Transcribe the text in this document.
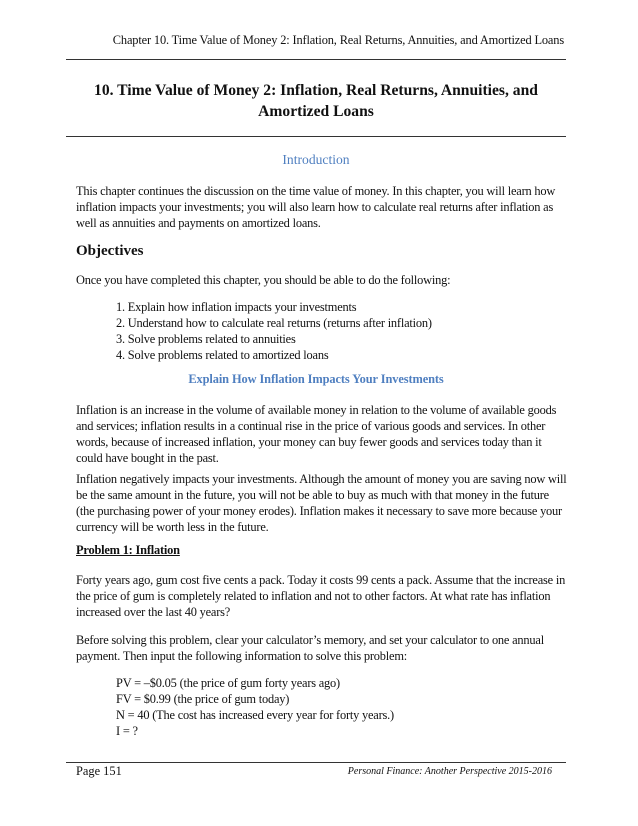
Chapter 10. Time Value of Money 2: Inflation, Real Returns, Annuities, and Amortized Loans
10. Time Value of Money 2: Inflation, Real Returns, Annuities, and
Amortized Loans
Introduction

This chapter continues the discussion on the time value of money. In this chapter, you will learn how inflation impacts your investments; you will also learn how to calculate real returns after inflation as well as annuities and payments on amortized loans.

Objectives

Once you have completed this chapter, you should be able to do the following:

1. Explain how inflation impacts your investments
2. Understand how to calculate real returns (returns after inflation)
3. Solve problems related to annuities
4. Solve problems related to amortized loans
Explain How Inflation Impacts Your Investments

Inflation is an increase in the volume of available money in relation to the volume of available goods and services; inflation results in a continual rise in the price of various goods and services. In other words, because of increased inflation, your money can buy fewer goods and services today than it could have bought in the past.

Inflation negatively impacts your investments. Although the amount of money you are saving now will be the same amount in the future, you will not be able to buy as much with that money in the future (the purchasing power of your money erodes). Inflation makes it necessary to save more because your currency will be worth less in the future.

Problem 1: Inflation

Forty years ago, gum cost five cents a pack. Today it costs 99 cents a pack. Assume that the increase in the price of gum is completely related to inflation and not to other factors. At what rate has inflation increased over the last 40 years?

Before solving this problem, clear your calculator’s memory, and set your calculator to one annual payment. Then input the following information to solve this problem:

PV = –$0.05 (the price of gum forty years ago)
FV = $0.99 (the price of gum today)
N = 40 (The cost has increased every year for forty years.)
I = ?
Page 151	Personal Finance: Another Perspective 2015-2016
